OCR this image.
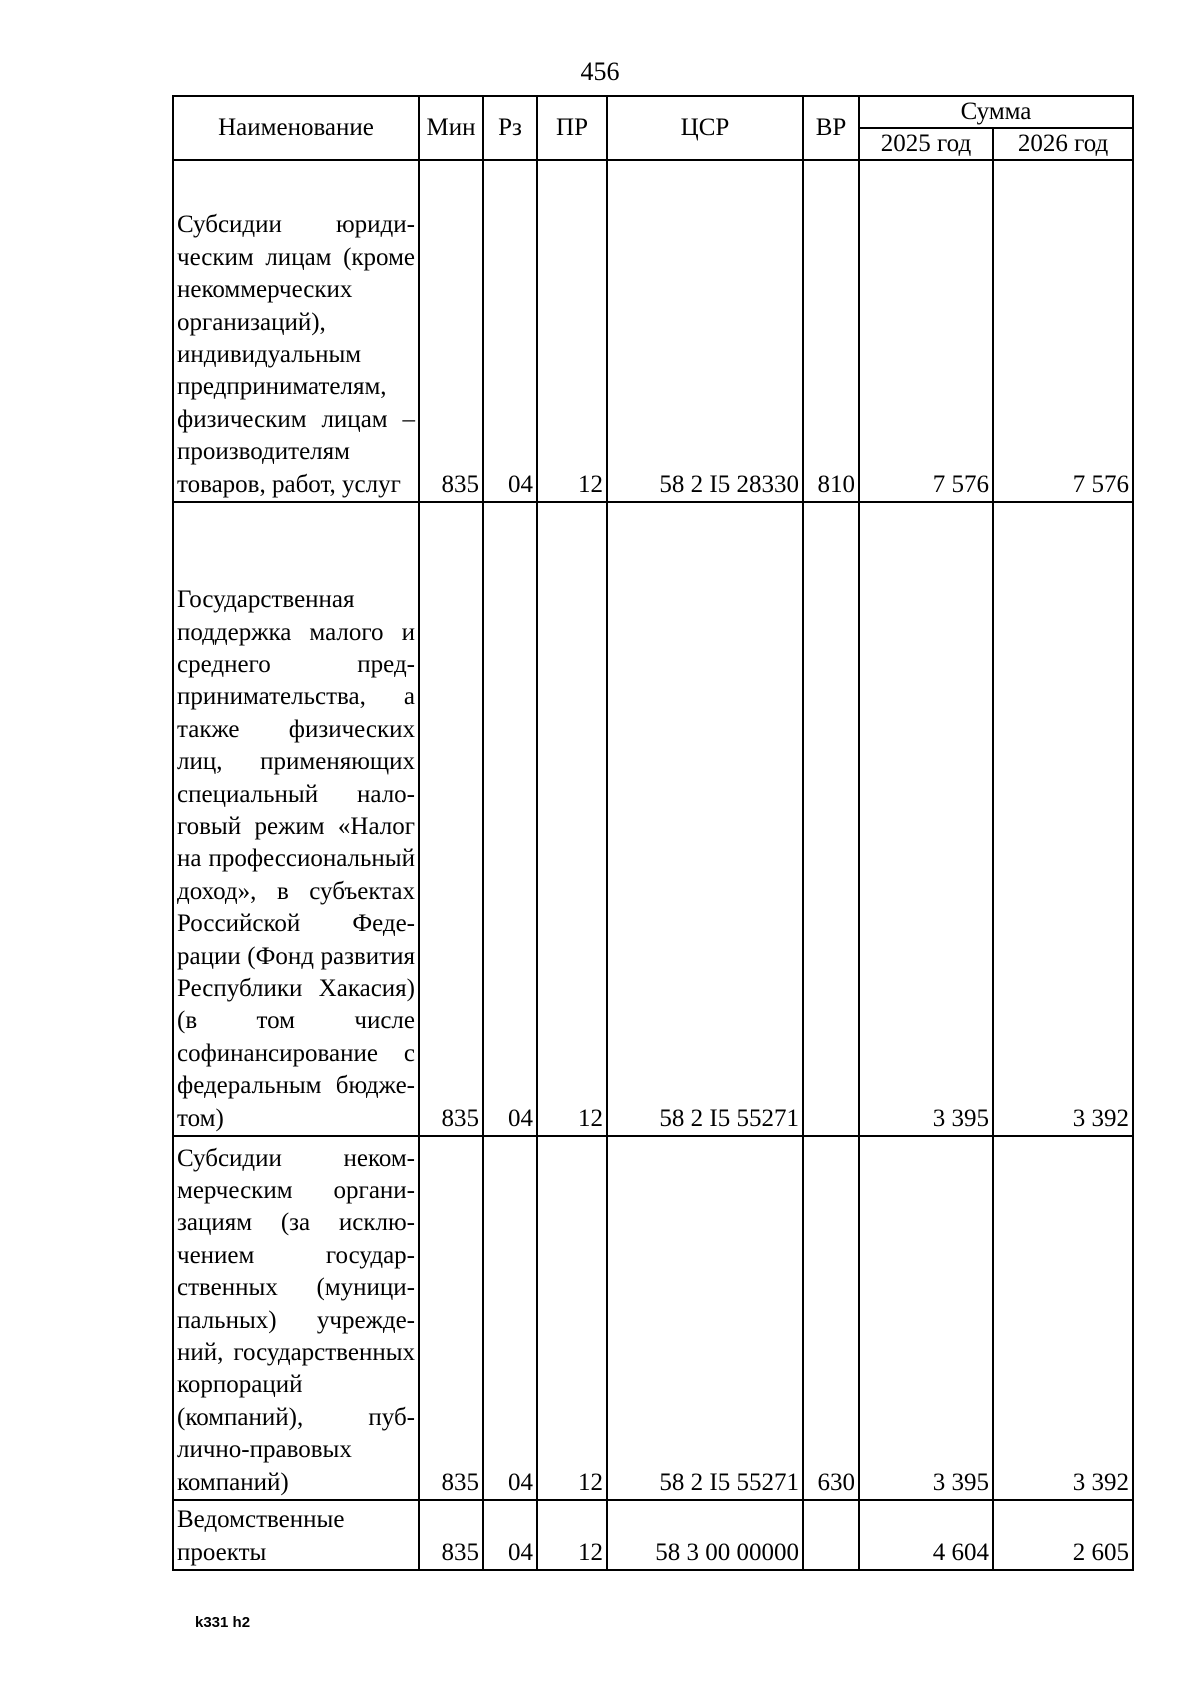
456
Наименование	Мин	Рз	ПР	ЦСР	ВР	Сумма	
						2025 год	2026 год
Субсидии юридическим лицам (кроме некоммерческих организаций), индивидуальным предпринимателям, физическим лицам – производителям товаров, работ, услуг	835	04	12	58 2 I5 28330	810	7 576	7 576
Государственная поддержка малого и среднего предпринимательства, а также физических лиц, применяющих специальный налоговый режим «Налог на профессиональный доход», в субъектах Российской Федерации (Фонд развития Республики Хакасия) (в том числе софинансирование с федеральным бюджетом)	835	04	12	58 2 I5 55271		3 395	3 392
Субсидии некоммерческим организациям (за исключением государственных (муниципальных) учреждений, государственных корпораций (компаний), публично-правовых компаний)	835	04	12	58 2 I5 55271	630	3 395	3 392
Ведомственные проекты	835	04	12	58 3 00 00000		4 604	2 605
k331 h2
